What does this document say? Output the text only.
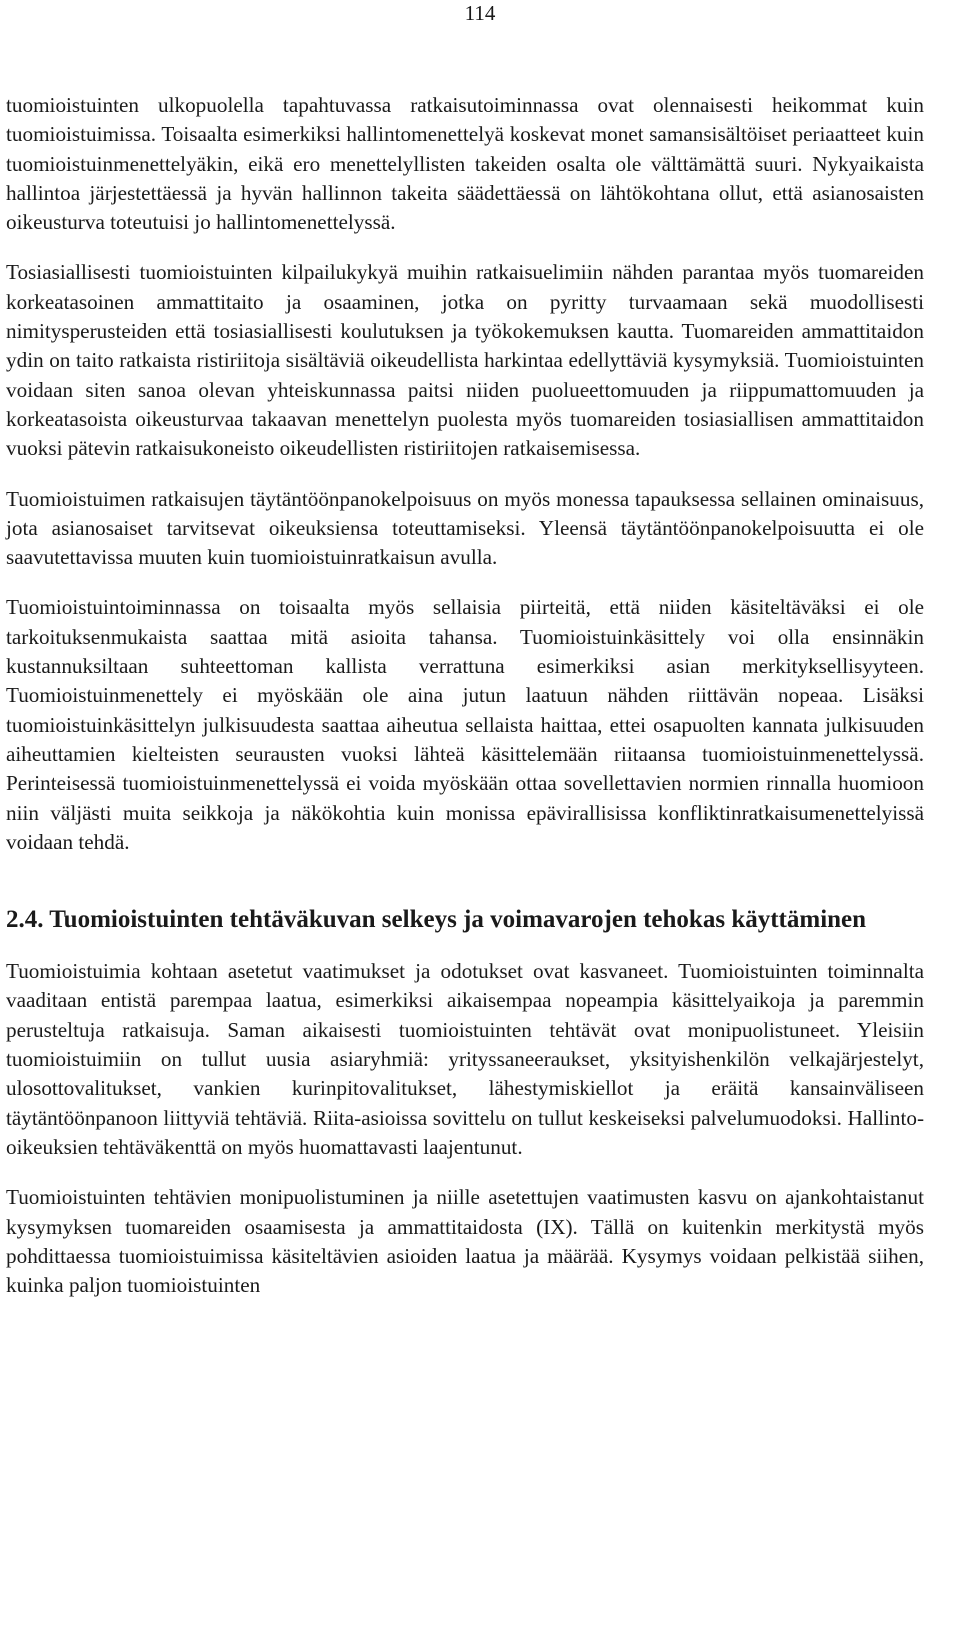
114

tuomioistuinten ulkopuolella tapahtuvassa ratkaisutoiminnassa ovat olennaisesti heikommat kuin tuomioistuimissa. Toisaalta esimerkiksi hallintomenettelyä koskevat monet samansisältöiset periaatteet kuin tuomioistuinmenettelyäkin, eikä ero menettelyllisten takeiden osalta ole välttämättä suuri. Nykyaikaista hallintoa järjestettäessä ja hyvän hallinnon takeita säädettäessä on lähtökohtana ollut, että asianosaisten oikeusturva toteutuisi jo hallintomenettelyssä.

Tosiasiallisesti tuomioistuinten kilpailukykyä muihin ratkaisuelimiin nähden parantaa myös tuomareiden korkeatasoinen ammattitaito ja osaaminen, jotka on pyritty turvaamaan sekä muodollisesti nimitysperusteiden että tosiasiallisesti koulutuksen ja työkokemuksen kautta. Tuomareiden ammattitaidon ydin on taito ratkaista ristiriitoja sisältäviä oikeudellista harkintaa edellyttäviä kysymyksiä. Tuomioistuinten voidaan siten sanoa olevan yhteiskunnassa paitsi niiden puolueettomuuden ja riippumattomuuden ja korkeatasoista oikeusturvaa takaavan menettelyn puolesta myös tuomareiden tosiasiallisen ammattitaidon vuoksi pätevin ratkaisukoneisto oikeudellisten ristiriitojen ratkaisemisessa.

Tuomioistuimen ratkaisujen täytäntöönpanokelpoisuus on myös monessa tapauksessa sellainen ominaisuus, jota asianosaiset tarvitsevat oikeuksiensa toteuttamiseksi. Yleensä täytäntöönpanokelpoisuutta ei ole saavutettavissa muuten kuin tuomioistuinratkaisun avulla.

Tuomioistuintoiminnassa on toisaalta myös sellaisia piirteitä, että niiden käsiteltäväksi ei ole tarkoituksenmukaista saattaa mitä asioita tahansa. Tuomioistuinkäsittely voi olla ensinnäkin kustannuksiltaan suhteettoman kallista verrattuna esimerkiksi asian merkityksellisyyteen. Tuomioistuinmenettely ei myöskään ole aina jutun laatuun nähden riittävän nopeaa. Lisäksi tuomioistuinkäsittelyn julkisuudesta saattaa aiheutua sellaista haittaa, ettei osapuolten kannata julkisuuden aiheuttamien kielteisten seurausten vuoksi lähteä käsittelemään riitaansa tuomioistuinmenettelyssä. Perinteisessä tuomioistuinmenettelyssä ei voida myöskään ottaa sovellettavien normien rinnalla huomioon niin väljästi muita seikkoja ja näkökohtia kuin monissa epävirallisissa konfliktinratkaisumenettelyissä voidaan tehdä.

2.4. Tuomioistuinten tehtäväkuvan selkeys ja voimavarojen tehokas käyttäminen

Tuomioistuimia kohtaan asetetut vaatimukset ja odotukset ovat kasvaneet. Tuomioistuinten toiminnalta vaaditaan entistä parempaa laatua, esimerkiksi aikaisempaa nopeampia käsittelyaikoja ja paremmin perusteltuja ratkaisuja. Saman aikaisesti tuomioistuinten tehtävät ovat monipuolistuneet. Yleisiin tuomioistuimiin on tullut uusia asiaryhmiä: yrityssaneeraukset, yksityishenkilön velkajärjestelyt, ulosottovalitukset, vankien kurinpitovalitukset, lähestymiskiellot ja eräitä kansainväliseen täytäntöönpanoon liittyviä tehtäviä. Riita-asioissa sovittelu on tullut keskeiseksi palvelumuodoksi. Hallinto-oikeuksien tehtäväkenttä on myös huomattavasti laajentunut.

Tuomioistuinten tehtävien monipuolistuminen ja niille asetettujen vaatimusten kasvu on ajankohtaistanut kysymyksen tuomareiden osaamisesta ja ammattitaidosta (IX). Tällä on kuitenkin merkitystä myös pohdittaessa tuomioistuimissa käsiteltävien asioiden laatua ja määrää. Kysymys voidaan pelkistää siihen, kuinka paljon tuomioistuinten
